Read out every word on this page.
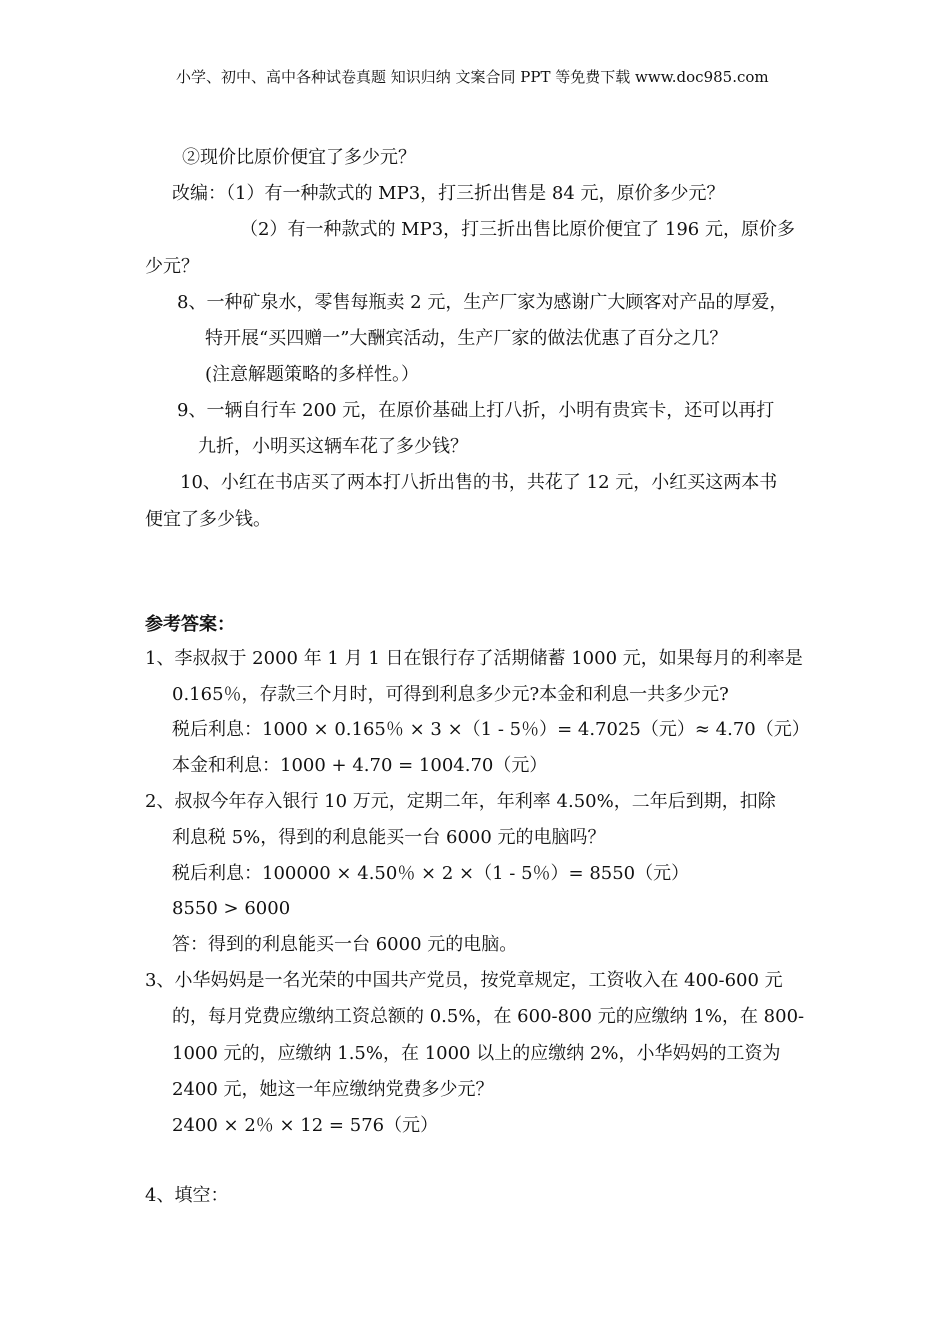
小学、初中、高中各种试卷真题 知识归纳 文案合同 PPT 等免费下载 www.doc985.com
②现价比原价便宜了多少元？
改编：（1）有一种款式的 MP3，打三折出售是 84 元，原价多少元？
（2）有一种款式的 MP3，打三折出售比原价便宜了 196 元，原价多
少元？
8、一种矿泉水，零售每瓶卖 2 元，生产厂家为感谢广大顾客对产品的厚爱，
特开展“买四赠一”大酬宾活动，生产厂家的做法优惠了百分之几？
(注意解题策略的多样性。）
9、一辆自行车 200 元，在原价基础上打八折，小明有贵宾卡，还可以再打
九折，小明买这辆车花了多少钱？
10、小红在书店买了两本打八折出售的书，共花了 12 元，小红买这两本书
便宜了多少钱。
参考答案：
1、李叔叔于 2000 年 1 月 1 日在银行存了活期储蓄 1000 元，如果每月的利率是
0.165％，存款三个月时，可得到利息多少元?本金和利息一共多少元?
税后利息：1000 × 0.165％ × 3 ×（1 - 5％）= 4.7025（元）≈ 4.70（元）
本金和利息：1000 + 4.70 = 1004.70（元）
2、叔叔今年存入银行 10 万元，定期二年，年利率 4.50%，二年后到期，扣除
利息税 5%，得到的利息能买一台 6000 元的电脑吗？
税后利息：100000 × 4.50％ × 2 ×（1 - 5％）= 8550（元）
8550 > 6000
答：得到的利息能买一台 6000 元的电脑。
3、小华妈妈是一名光荣的中国共产党员，按党章规定，工资收入在 400-600 元
的，每月党费应缴纳工资总额的 0.5%，在 600-800 元的应缴纳 1%，在 800-
1000 元的，应缴纳 1.5%，在 1000 以上的应缴纳 2%，小华妈妈的工资为
2400 元，她这一年应缴纳党费多少元？
2400 × 2％ × 12 = 576（元）
4、填空：
